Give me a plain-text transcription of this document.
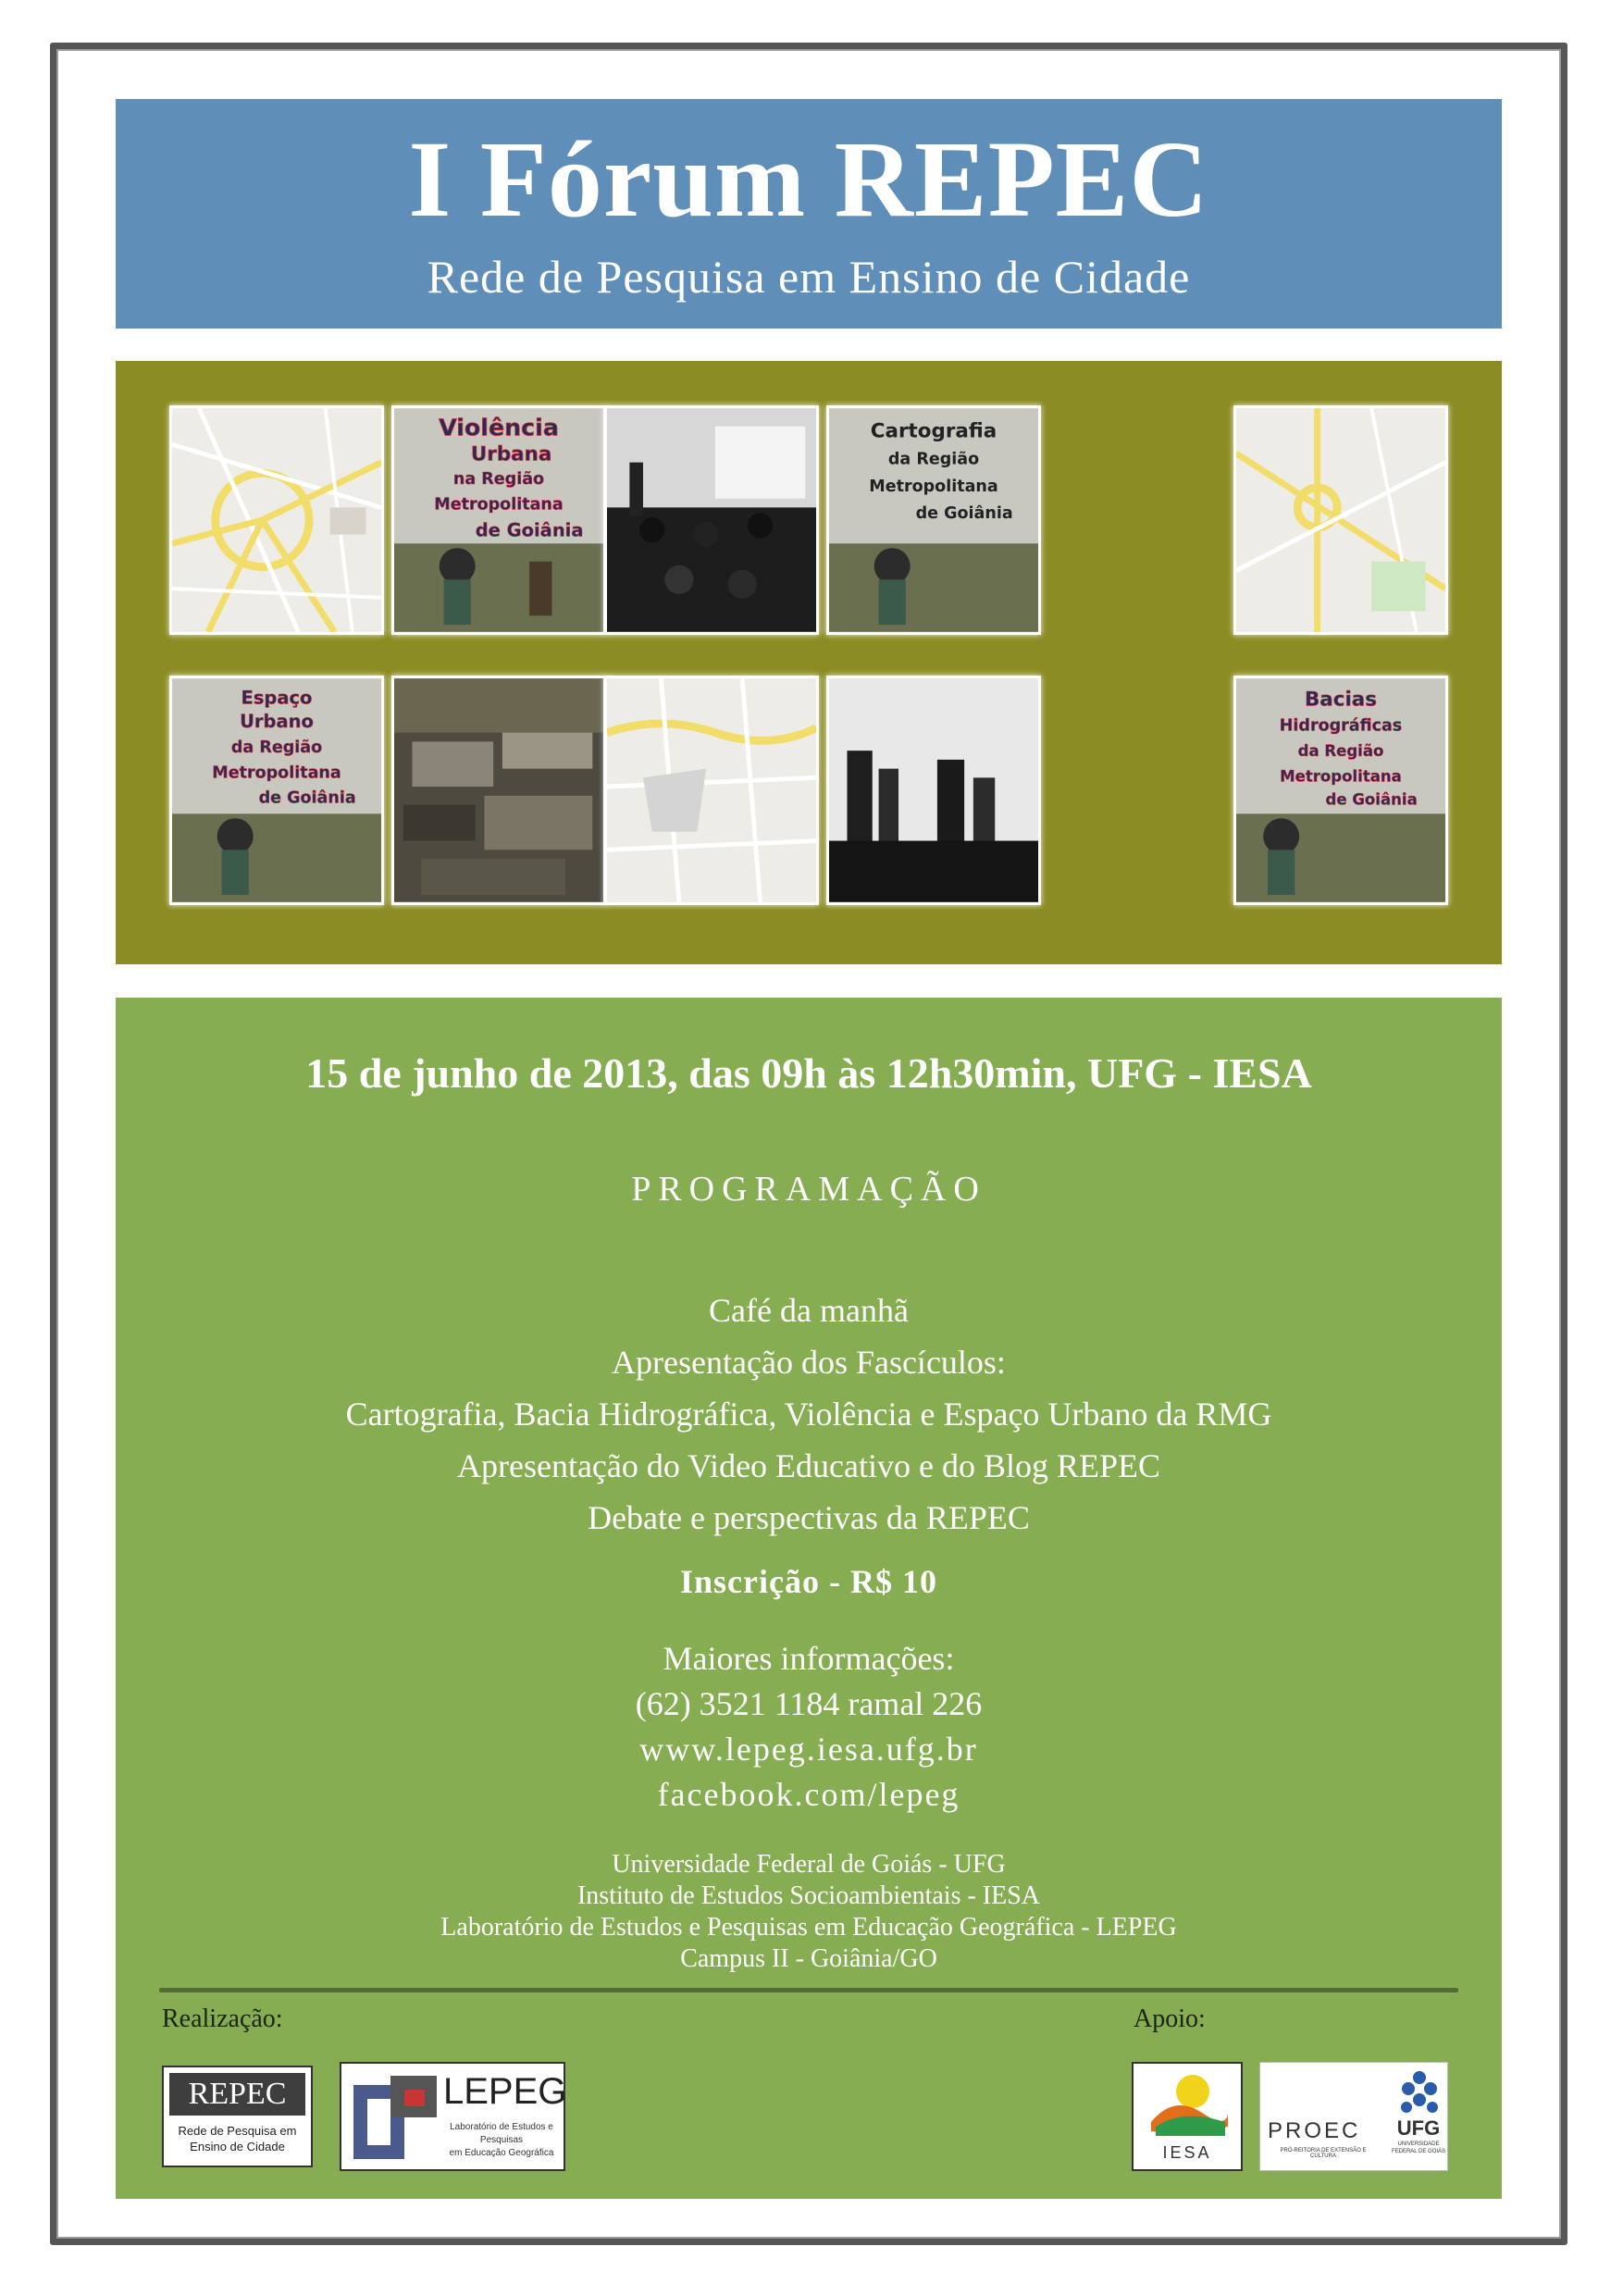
I Fórum REPEC
Rede de Pesquisa em Ensino de Cidade
Violência
Urbana
na Região
Metropolitana
de Goiânia
Cartografia
da Região
Metropolitana
de Goiânia
Espaço
Urbano
da Região
Metropolitana
de Goiânia
Bacias
Hidrográficas
da Região
Metropolitana
de Goiânia
15 de junho de 2013, das 09h às 12h30min, UFG - IESA
PROGRAMAÇÃO
Café da manhã
Apresentação dos Fascículos:
Cartografia, Bacia Hidrográfica, Violência e Espaço Urbano da RMG
Apresentação do Video Educativo e do Blog REPEC
Debate e perspectivas da REPEC
Inscrição - R$ 10
Maiores informações:
(62) 3521 1184 ramal 226
www.lepeg.iesa.ufg.br
facebook.com/lepeg
Universidade Federal de Goiás - UFG
Instituto de Estudos Socioambientais - IESA
Laboratório de Estudos e Pesquisas em Educação Geográfica - LEPEG
Campus II - Goiânia/GO
Realização:	Apoio:
REPEC
Rede de Pesquisa em
Ensino de Cidade
LEPEG
Laboratório de Estudos e Pesquisas
em Educação Geográfica	IESA
PROEC
PRÓ-REITORIA DE EXTENSÃO E CULTURA
UFG
UNIVERSIDADE
FEDERAL DE GOIÁS
